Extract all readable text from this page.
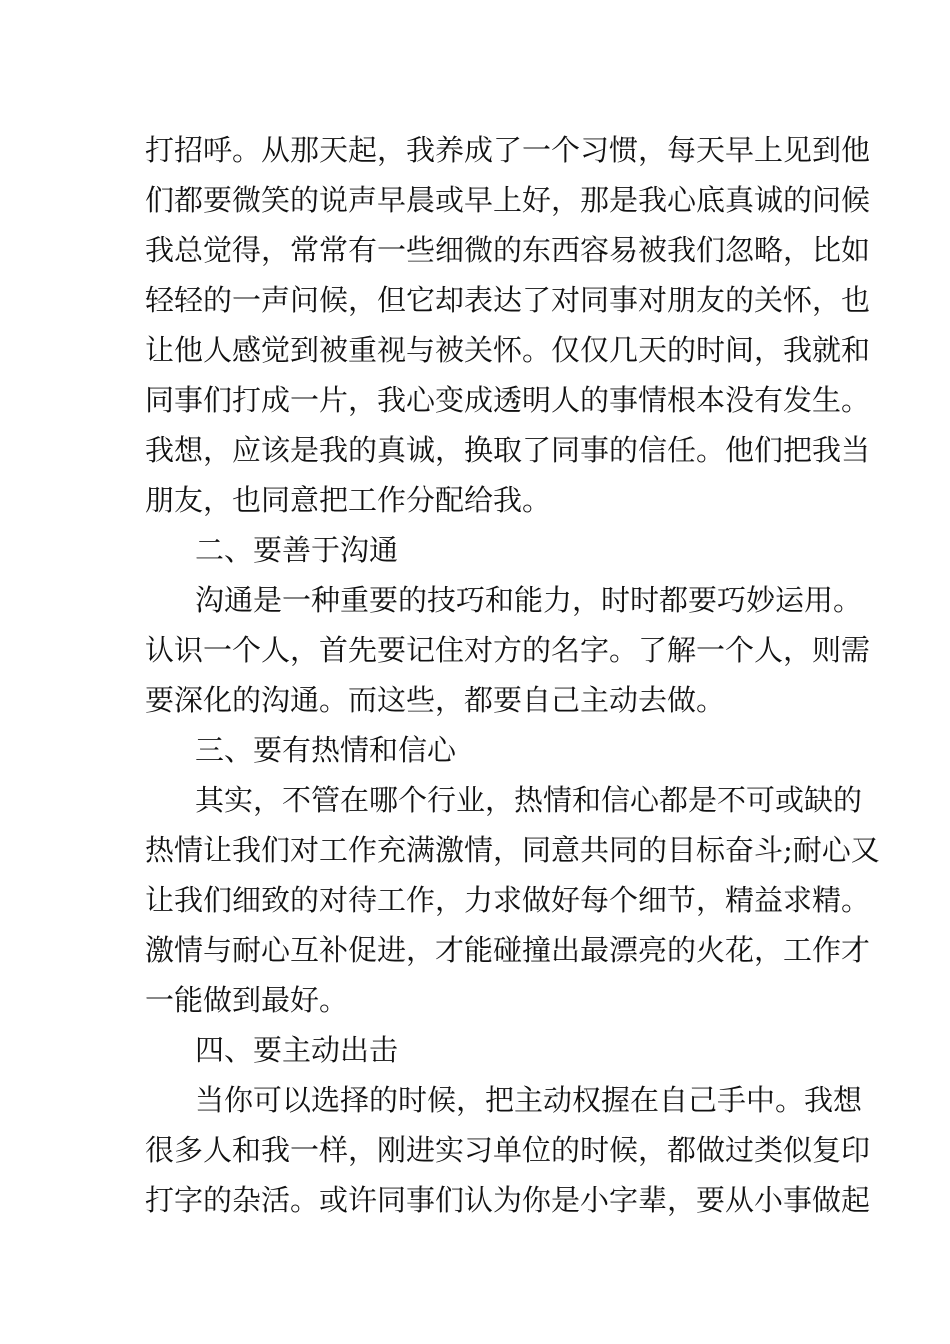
打招呼。从那天起，我养成了一个习惯，每天早上见到他
们都要微笑的说声早晨或早上好，那是我心底真诚的问候
我总觉得，常常有一些细微的东西容易被我们忽略，比如
轻轻的一声问候，但它却表达了对同事对朋友的关怀，也
让他人感觉到被重视与被关怀。仅仅几天的时间，我就和
同事们打成一片，我心变成透明人的事情根本没有发生。
我想，应该是我的真诚，换取了同事的信任。他们把我当
朋友，也同意把工作分配给我。
二、要善于沟通
沟通是一种重要的技巧和能力，时时都要巧妙运用。
认识一个人，首先要记住对方的名字。了解一个人，则需
要深化的沟通。而这些，都要自己主动去做。
三、要有热情和信心
其实，不管在哪个行业，热情和信心都是不可或缺的
热情让我们对工作充满激情，同意共同的目标奋斗;耐心又
让我们细致的对待工作，力求做好每个细节，精益求精。
激情与耐心互补促进，才能碰撞出最漂亮的火花，工作才
一能做到最好。
四、要主动出击
当你可以选择的时候，把主动权握在自己手中。我想
很多人和我一样，刚进实习单位的时候，都做过类似复印
打字的杂活。或许同事们认为你是小字辈，要从小事做起
